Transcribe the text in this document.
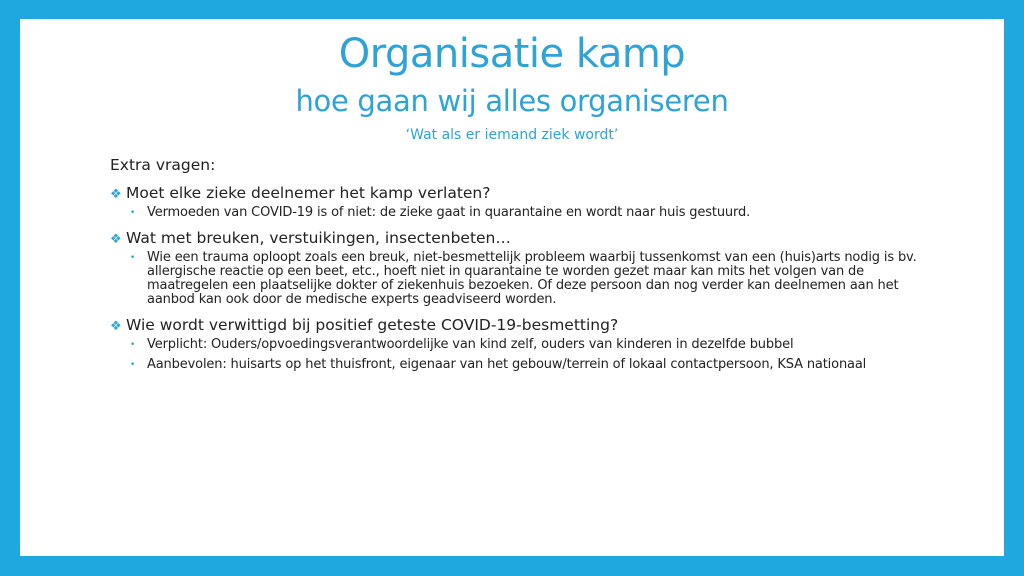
Organisatie kamp
hoe gaan wij alles organiseren
‘Wat als er iemand ziek wordt’
Extra vragen:
❖ Moet elke zieke deelnemer het kamp verlaten?
• Vermoeden van COVID-19 is of niet: de zieke gaat in quarantaine en wordt naar huis gestuurd.
❖ Wat met breuken, verstuikingen, insectenbeten…
• Wie een trauma oploopt zoals een breuk, niet-besmettelijk probleem waarbij tussenkomst van een (huis)arts nodig is bv. allergische reactie op een beet, etc., hoeft niet in quarantaine te worden gezet maar kan mits het volgen van de maatregelen een plaatselijke dokter of ziekenhuis bezoeken. Of deze persoon dan nog verder kan deelnemen aan het aanbod kan ook door de medische experts geadviseerd worden.
❖ Wie wordt verwittigd bij positief geteste COVID-19-besmetting?
• Verplicht: Ouders/opvoedingsverantwoordelijke van kind zelf, ouders van kinderen in dezelfde bubbel
• Aanbevolen: huisarts op het thuisfront, eigenaar van het gebouw/terrein of lokaal contactpersoon, KSA nationaal
